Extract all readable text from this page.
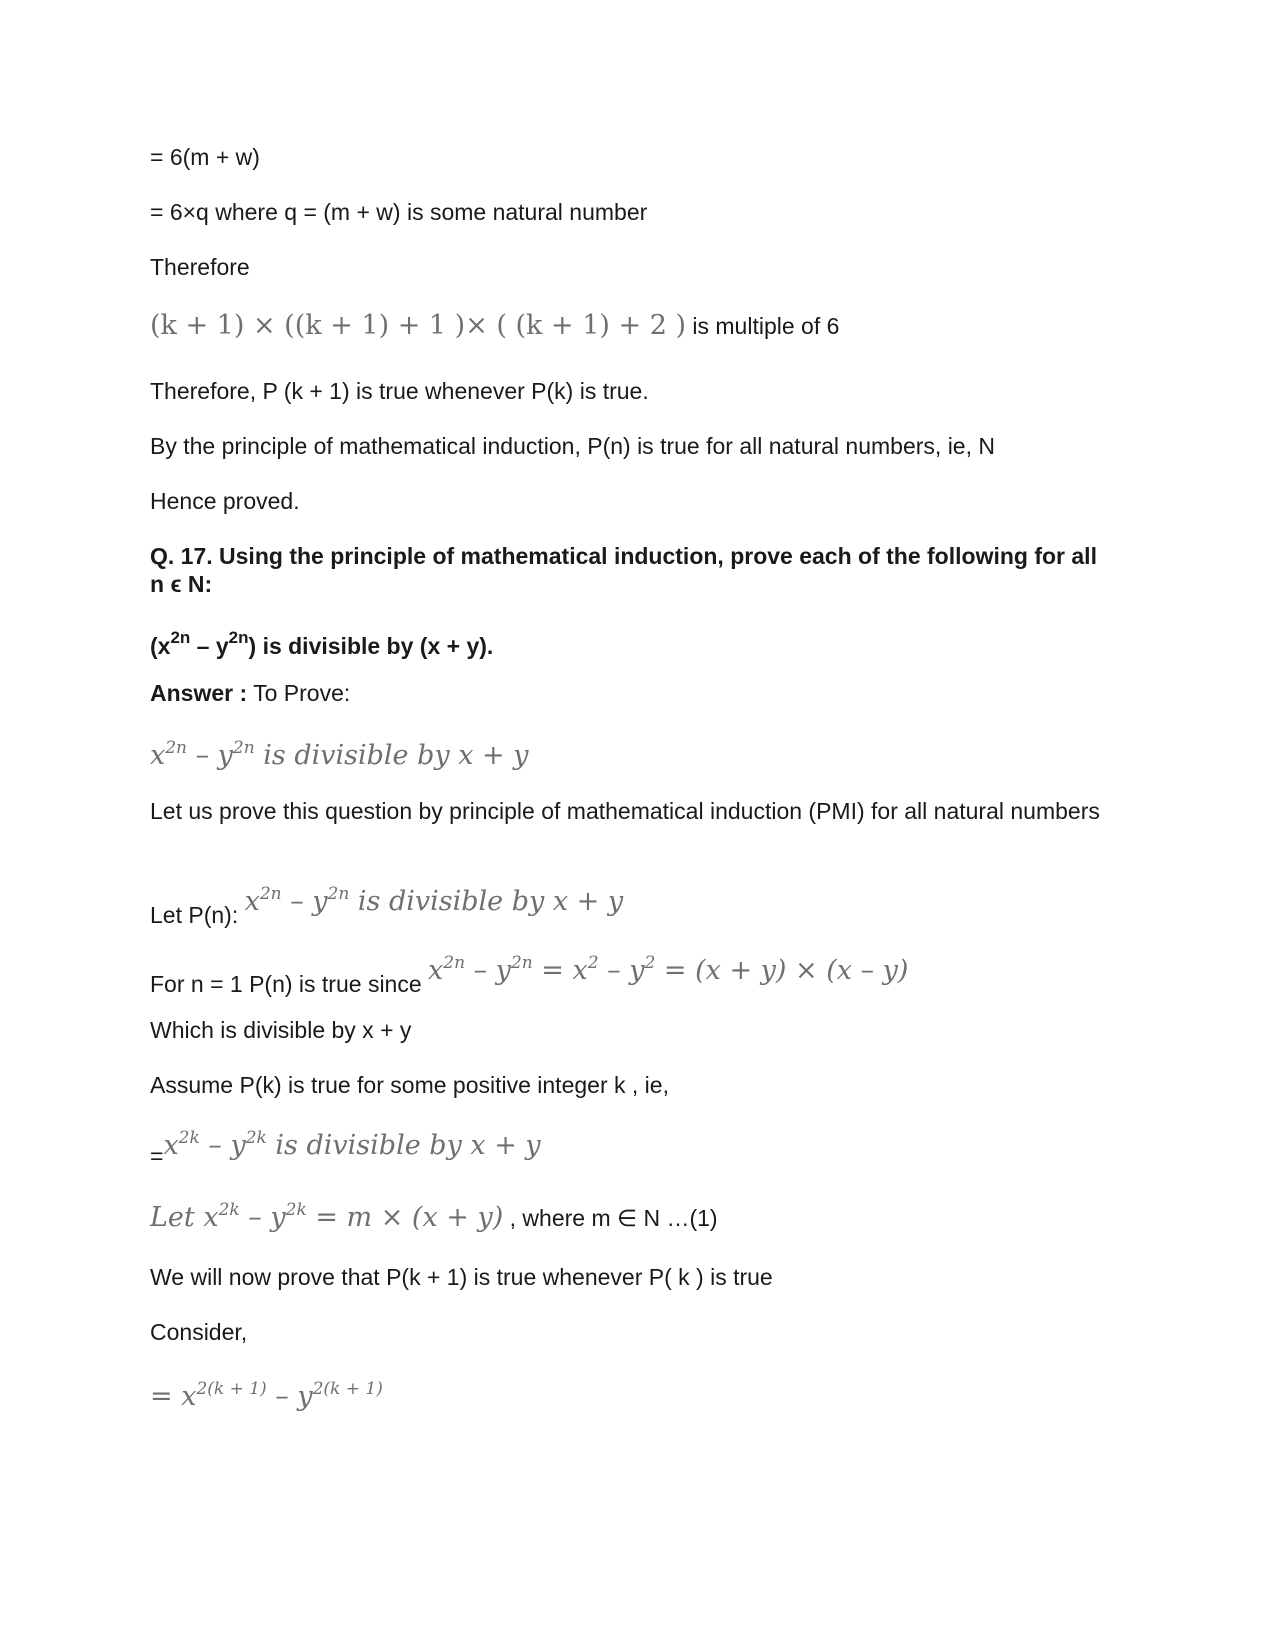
= 6(m + w)
= 6×q where q = (m + w) is some natural number
Therefore
(k + 1) × ((k + 1) + 1 )× ( (k + 1) + 2 ) is multiple of 6
Therefore, P (k + 1) is true whenever P(k) is true.
By the principle of mathematical induction, P(n) is true for all natural numbers, ie, N
Hence proved.
Q. 17. Using the principle of mathematical induction, prove each of the following for all n ϵ N:
$(x^{2n} - y^{2n})$ is divisible by (x + y).
Answer : To Prove:
$x^{2n} - y^{2n}$ is divisible by x + y
Let us prove this question by principle of mathematical induction (PMI) for all natural numbers
Let P(n): $x^{2n} - y^{2n}$ is divisible by x + y
For n = 1 P(n) is true since $x^{2n} - y^{2n} = x^2 - y^2 = (x + y) \times (x - y)$
Which is divisible by x + y
Assume P(k) is true for some positive integer k , ie,
$=x^{2k} - y^{2k}$ is divisible by x + y
Let $x^{2k} - y^{2k} = m \times (x + y)$ , where m ∈ N …(1)
We will now prove that P(k + 1) is true whenever P( k ) is true
Consider,
= $x^{2(k + 1)} - y^{2(k + 1)}$
